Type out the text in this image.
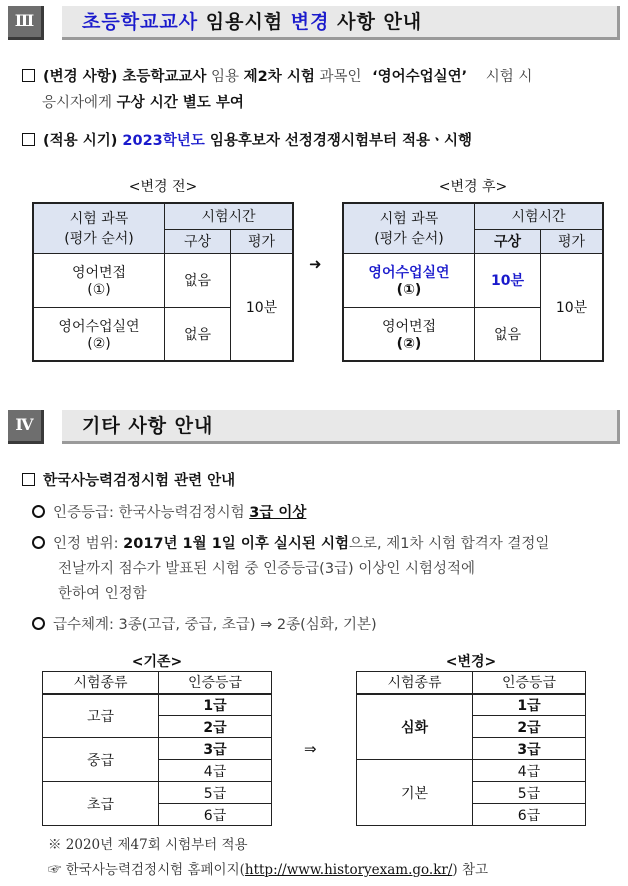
Ⅲ	초등학교교사 임용시험 변경 사항 안내
(변경 사항) 초등학교교사 임용 제2차 시험 과목인 ‘영어수업실연’ 시험 시
응시자에게 구상 시간 별도 부여
(적용 시기) 2023학년도 임용후보자 선정경쟁시험부터 적용ㆍ시행
<변경 전>	<변경 후>
시험 과목
(평가 순서)	시험시간	
	구상	평가

영어면접
(①)	없음	10분

영어수업실연
(②)	없음	
➜
시험 과목
(평가 순서)	시험시간	
	구상	평가

영어수업실연
(①)	10분	10분

영어면접
(②)	없음	
Ⅳ	기타 사항 안내
한국사능력검정시험 관련 안내
인증등급: 한국사능력검정시험 3급 이상
인정 범위: 2017년 1월 1일 이후 실시된 시험으로, 제1차 시험 합격자 결정일
전날까지 점수가 발표된 시험 중 인증등급(3급) 이상인 시험성적에
한하여 인정함
급수체계: 3종(고급, 중급, 초급) ⇒ 2종(심화, 기본)
<기존>	<변경>
시험종류	인증등급
고급	1급
	2급
중급	3급
	4급
초급	5급
	6급
⇒
시험종류	인증등급
심화	1급
	2급
	3급
기본	4급
	5급
	6급
※ 2020년 제47회 시험부터 적용
☞ 한국사능력검정시험 홈페이지(http://www.historyexam.go.kr/) 참고
